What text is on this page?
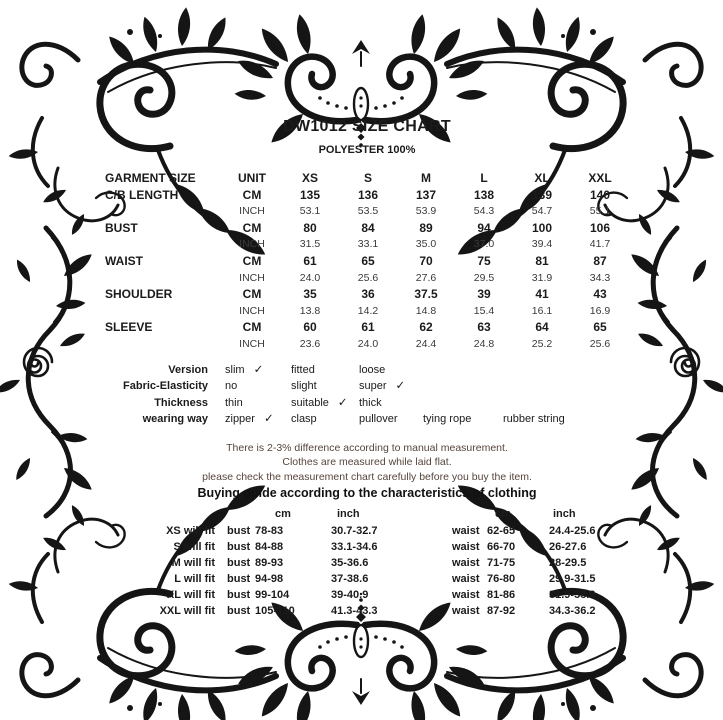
DW1012 SIZE CHART
POLYESTER 100%
GARMENT SIZE	UNIT	XS	S	M	L	XL	XXL
C/B LENGTH	CM	135	136	137	138	139	140
INCH	53.1	53.5	53.9	54.3	54.7	55.1
BUST	CM	80	84	89	94	100	106
INCH	31.5	33.1	35.0	37.0	39.4	41.7
WAIST	CM	61	65	70	75	81	87
INCH	24.0	25.6	27.6	29.5	31.9	34.3
SHOULDER	CM	35	36	37.5	39	41	43
INCH	13.8	14.2	14.8	15.4	16.1	16.9
SLEEVE	CM	60	61	62	63	64	65
INCH	23.6	24.0	24.4	24.8	25.2	25.6
Version	slim ✓	fitted	loose
Fabric-Elasticity	no	slight	super ✓
Thickness	thin	suitable ✓	thick
wearing way	zipper ✓	clasp	pullover	tying rope	rubber string
There is 2-3% difference according to manual measurement.
Clothes are measured while laid flat.
please check the measurement chart carefully before you buy the item.
Buying guide according to the characteristics of clothing
cm	inch	cm	inch
XS will fit	bust 78-83	30.7-32.7	waist 62-65	24.4-25.6
S will fit	bust 84-88	33.1-34.6	waist 66-70	26-27.6
M will fit	bust 89-93	35-36.6	waist 71-75	28-29.5
L will fit	bust 94-98	37-38.6	waist 76-80	29.9-31.5
XL will fit	bust 99-104	39-40.9	waist 81-86	31.9-33.9
XXL will fit	bust 105-110	41.3-43.3	waist 87-92	34.3-36.2
